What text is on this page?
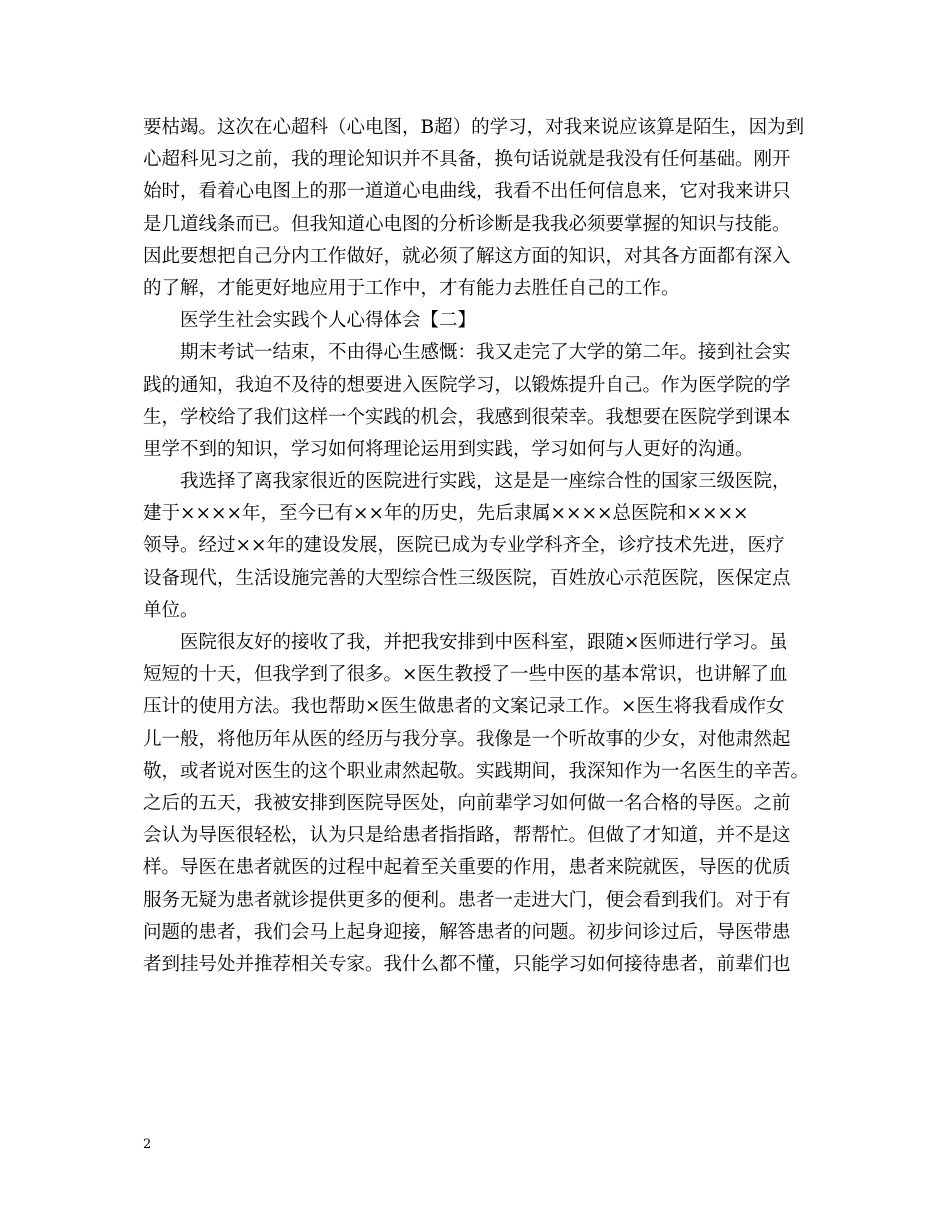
要枯竭。这次在心超科（心电图，B超）的学习，对我来说应该算是陌生，因为到
心超科见习之前，我的理论知识并不具备，换句话说就是我没有任何基础。刚开
始时，看着心电图上的那一道道心电曲线，我看不出任何信息来，它对我来讲只
是几道线条而已。但我知道心电图的分析诊断是我我必须要掌握的知识与技能。
因此要想把自己分内工作做好，就必须了解这方面的知识，对其各方面都有深入
的了解，才能更好地应用于工作中，才有能力去胜任自己的工作。
医学生社会实践个人心得体会【二】
期末考试一结束，不由得心生感慨：我又走完了大学的第二年。接到社会实
践的通知，我迫不及待的想要进入医院学习，以锻炼提升自己。作为医学院的学
生，学校给了我们这样一个实践的机会，我感到很荣幸。我想要在医院学到课本
里学不到的知识，学习如何将理论运用到实践，学习如何与人更好的沟通。
我选择了离我家很近的医院进行实践，这是是一座综合性的国家三级医院，
建于××××年，至今已有××年的历史，先后隶属××××总医院和××××
领导。经过××年的建设发展，医院已成为专业学科齐全，诊疗技术先进，医疗
设备现代，生活设施完善的大型综合性三级医院，百姓放心示范医院，医保定点
单位。
医院很友好的接收了我，并把我安排到中医科室，跟随×医师进行学习。虽
短短的十天，但我学到了很多。×医生教授了一些中医的基本常识，也讲解了血
压计的使用方法。我也帮助×医生做患者的文案记录工作。×医生将我看成作女
儿一般，将他历年从医的经历与我分享。我像是一个听故事的少女，对他肃然起
敬，或者说对医生的这个职业肃然起敬。实践期间，我深知作为一名医生的辛苦。
之后的五天，我被安排到医院导医处，向前辈学习如何做一名合格的导医。之前
会认为导医很轻松，认为只是给患者指指路，帮帮忙。但做了才知道，并不是这
样。导医在患者就医的过程中起着至关重要的作用，患者来院就医，导医的优质
服务无疑为患者就诊提供更多的便利。患者一走进大门，便会看到我们。对于有
问题的患者，我们会马上起身迎接，解答患者的问题。初步问诊过后，导医带患
者到挂号处并推荐相关专家。我什么都不懂，只能学习如何接待患者，前辈们也
2
